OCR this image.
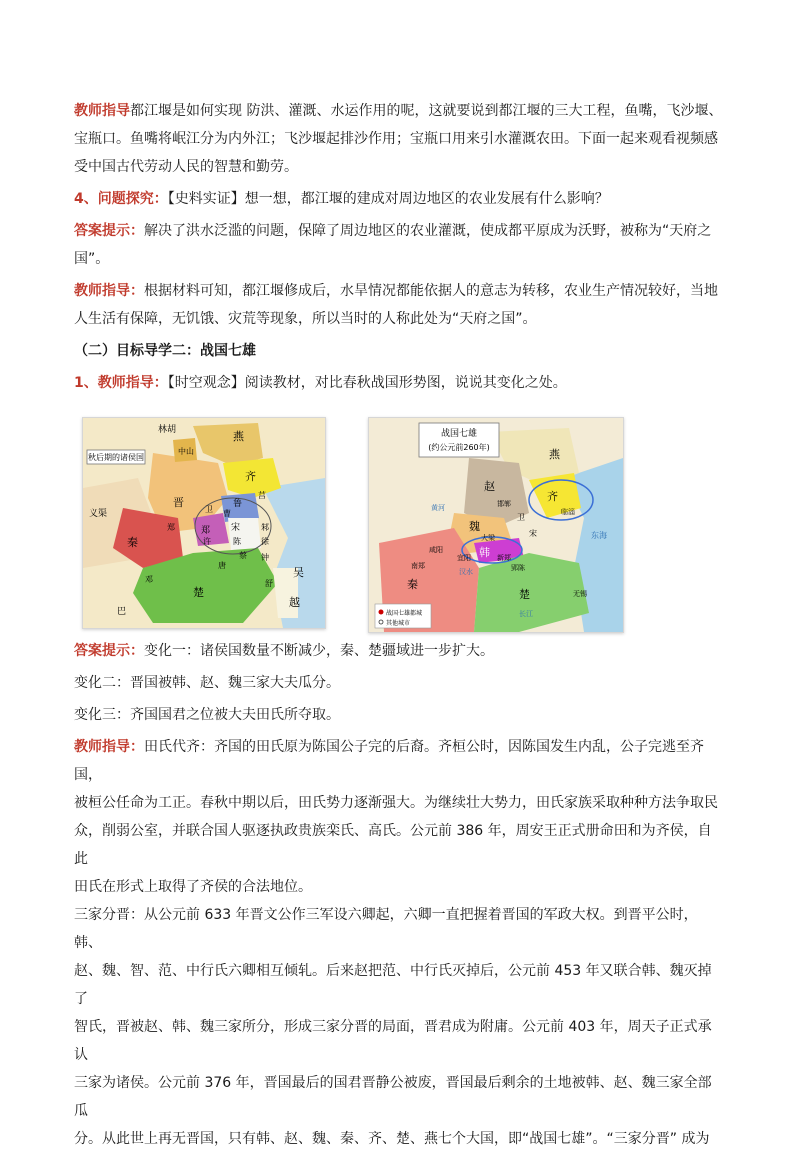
教师指导都江堰是如何实现 防洪、灌溉、水运作用的呢，这就要说到都江堰的三大工程，鱼嘴，飞沙堰、

宝瓶口。鱼嘴将岷江分为内外江；飞沙堰起排沙作用；宝瓶口用来引水灌溉农田。下面一起来观看视频感

受中国古代劳动人民的智慧和勤劳。

4、问题探究：【史料实证】想一想，都江堰的建成对周边地区的农业发展有什么影响？

答案提示：解决了洪水泛滥的问题，保障了周边地区的农业灌溉，使成都平原成为沃野，被称为“天府之

国”。

教师指导：根据材料可知，都江堰修成后，水旱情况都能依据人的意志为转移，农业生产情况较好，当地

人生活有保障，无饥饿、灾荒等现象，所以当时的人称此处为“天府之国”。

（二）目标导学二：战国七雄

1、教师指导：【时空观念】阅读教材，对比春秋战国形势图，说说其变化之处。

秋后期的诸侯国
林胡	燕
中山
齐
晋	鲁
莒
卫
宋
郑
曹
许	陈
蔡
邾
秦
义渠
楚
唐
徐
钟
吴
舒
越
邓
巴
郑
战国七雄
(约公元前260年)
燕
赵
齐
魏
韩
秦
楚
宋
卫
邯郸
临淄
大梁
新郑
郢陈
黄河
东海
汉水
长江
无锡
南郑
咸阳
宜阳
战国七雄都城
其他城市

答案提示：变化一：诸侯国数量不断减少，秦、楚疆域进一步扩大。

变化二：晋国被韩、赵、魏三家大夫瓜分。

变化三：齐国国君之位被大夫田氏所夺取。

教师指导：田氏代齐：齐国的田氏原为陈国公子完的后裔。齐桓公时，因陈国发生内乱，公子完逃至齐国，

被桓公任命为工正。春秋中期以后，田氏势力逐渐强大。为继续壮大势力，田氏家族采取种种方法争取民

众，削弱公室，并联合国人驱逐执政贵族栾氏、高氏。公元前 386 年，周安王正式册命田和为齐侯，自此

田氏在形式上取得了齐侯的合法地位。

三家分晋：从公元前 633 年晋文公作三军设六卿起，六卿一直把握着晋国的军政大权。到晋平公时，韩、

赵、魏、智、范、中行氏六卿相互倾轧。后来赵把范、中行氏灭掉后，公元前 453 年又联合韩、魏灭掉了

智氏，晋被赵、韩、魏三家所分，形成三家分晋的局面，晋君成为附庸。公元前 403 年，周天子正式承认

三家为诸侯。公元前 376 年，晋国最后的国君晋静公被废，晋国最后剩余的土地被韩、赵、魏三家全部瓜

分。从此世上再无晋国，只有韩、赵、魏、秦、齐、楚、燕七个大国，即“战国七雄”。“三家分晋” 成为
